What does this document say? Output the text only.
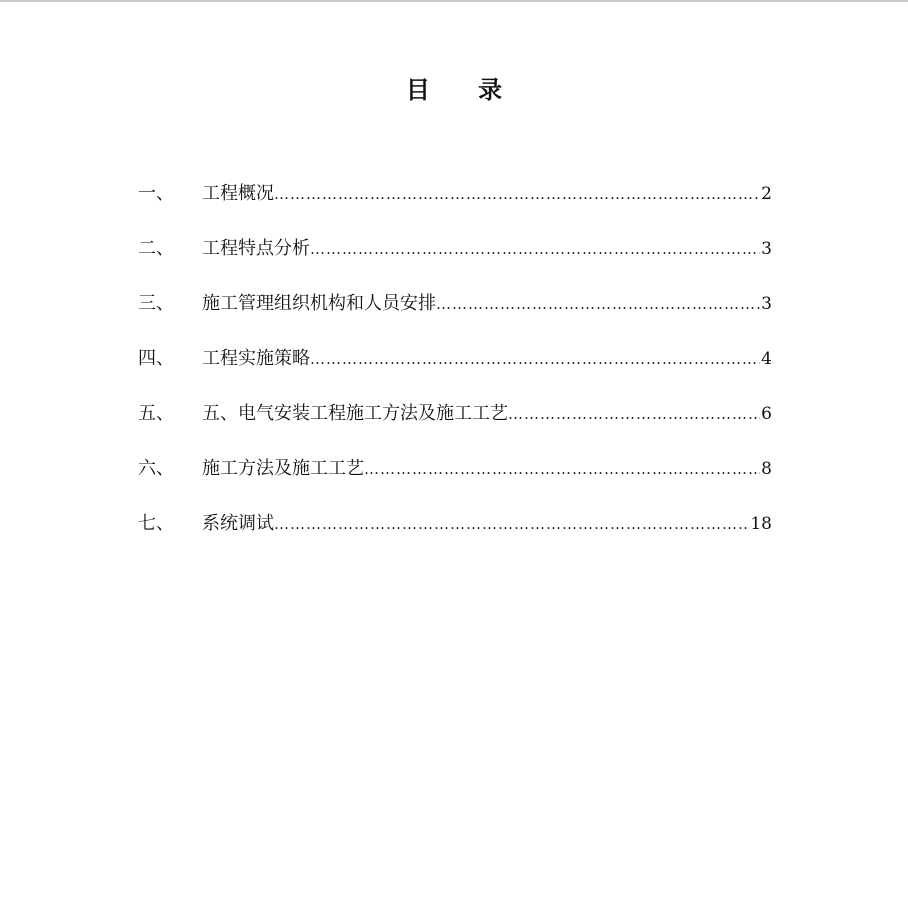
目 录
一、	工程概况 ……………………………………………………………………………………………………………………………………………………………………	2
二、	工程特点分析 ……………………………………………………………………………………………………………………………………………………………………	3
三、	施工管理组织机构和人员安排 ……………………………………………………………………………………………………………………………………………………………………	3
四、	工程实施策略 ……………………………………………………………………………………………………………………………………………………………………	4
五、	五、电气安装工程施工方法及施工工艺 ……………………………………………………………………………………………………………………………………………………………………	6
六、	施工方法及施工工艺 ……………………………………………………………………………………………………………………………………………………………………	8
七、	系统调试 ……………………………………………………………………………………………………………………………………………………………………	18
